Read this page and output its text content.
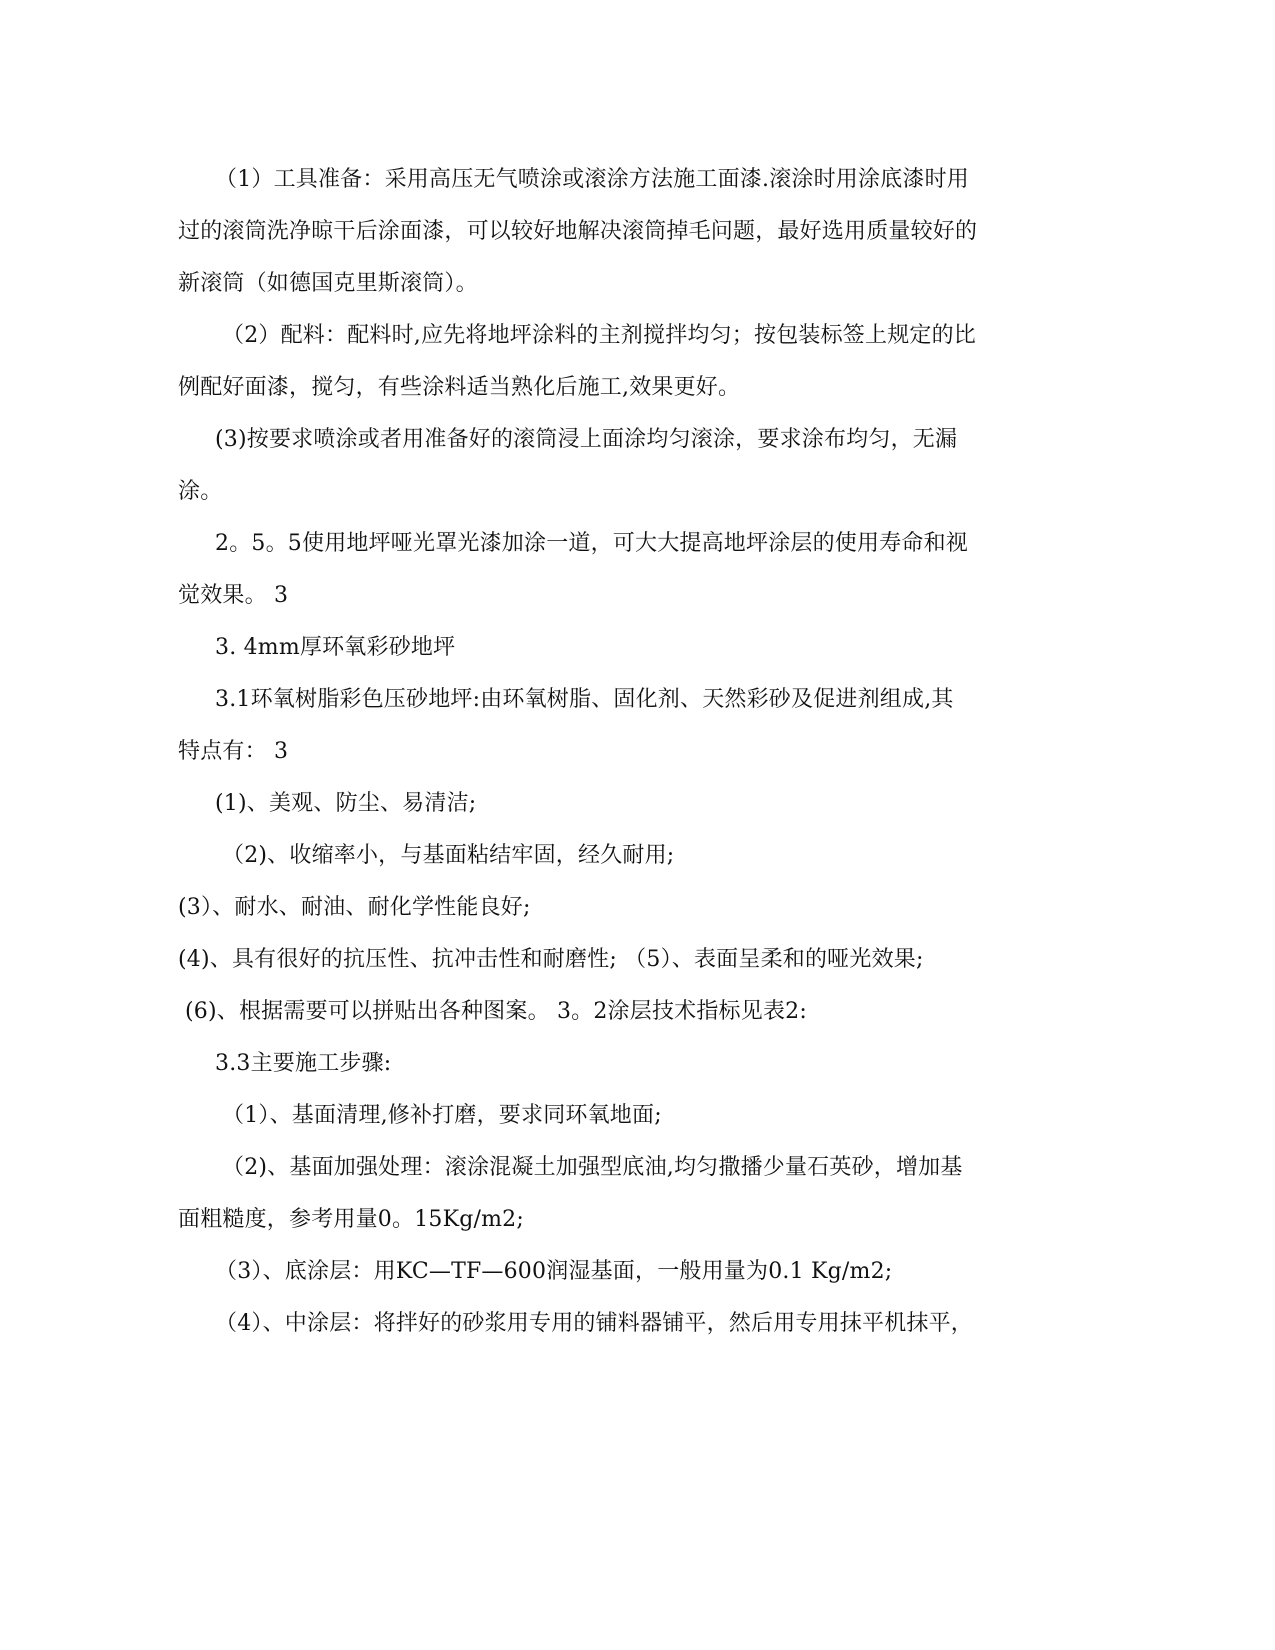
（1）工具准备：采用高压无气喷涂或滚涂方法施工面漆.滚涂时用涂底漆时用
过的滚筒洗净晾干后涂面漆，可以较好地解决滚筒掉毛问题，最好选用质量较好的
新滚筒（如德国克里斯滚筒）。
（2）配料：配料时,应先将地坪涂料的主剂搅拌均匀；按包装标签上规定的比
例配好面漆，搅匀，有些涂料适当熟化后施工,效果更好。
(3)按要求喷涂或者用准备好的滚筒浸上面涂均匀滚涂，要求涂布均匀，无漏
涂。
2。5。5使用地坪哑光罩光漆加涂一道，可大大提高地坪涂层的使用寿命和视
觉效果。 3
3. 4mm厚环氧彩砂地坪
3.1环氧树脂彩色压砂地坪:由环氧树脂、固化剂、天然彩砂及促进剂组成,其
特点有： 3
(1)、美观、防尘、易清洁;
（2)、收缩率小，与基面粘结牢固，经久耐用;
(3）、耐水、耐油、耐化学性能良好;
(4)、具有很好的抗压性、抗冲击性和耐磨性; （5）、表面呈柔和的哑光效果;
(6)、根据需要可以拼贴出各种图案。 3。2涂层技术指标见表2:
3.3主要施工步骤:
（1）、基面清理,修补打磨，要求同环氧地面;
（2)、基面加强处理：滚涂混凝土加强型底油,均匀撒播少量石英砂，增加基
面粗糙度，参考用量0。15Kg/m2;
（3）、底涂层：用KC—TF—600润湿基面，一般用量为0.1 Kg/m2;
（4）、中涂层：将拌好的砂浆用专用的铺料器铺平，然后用专用抹平机抹平，
